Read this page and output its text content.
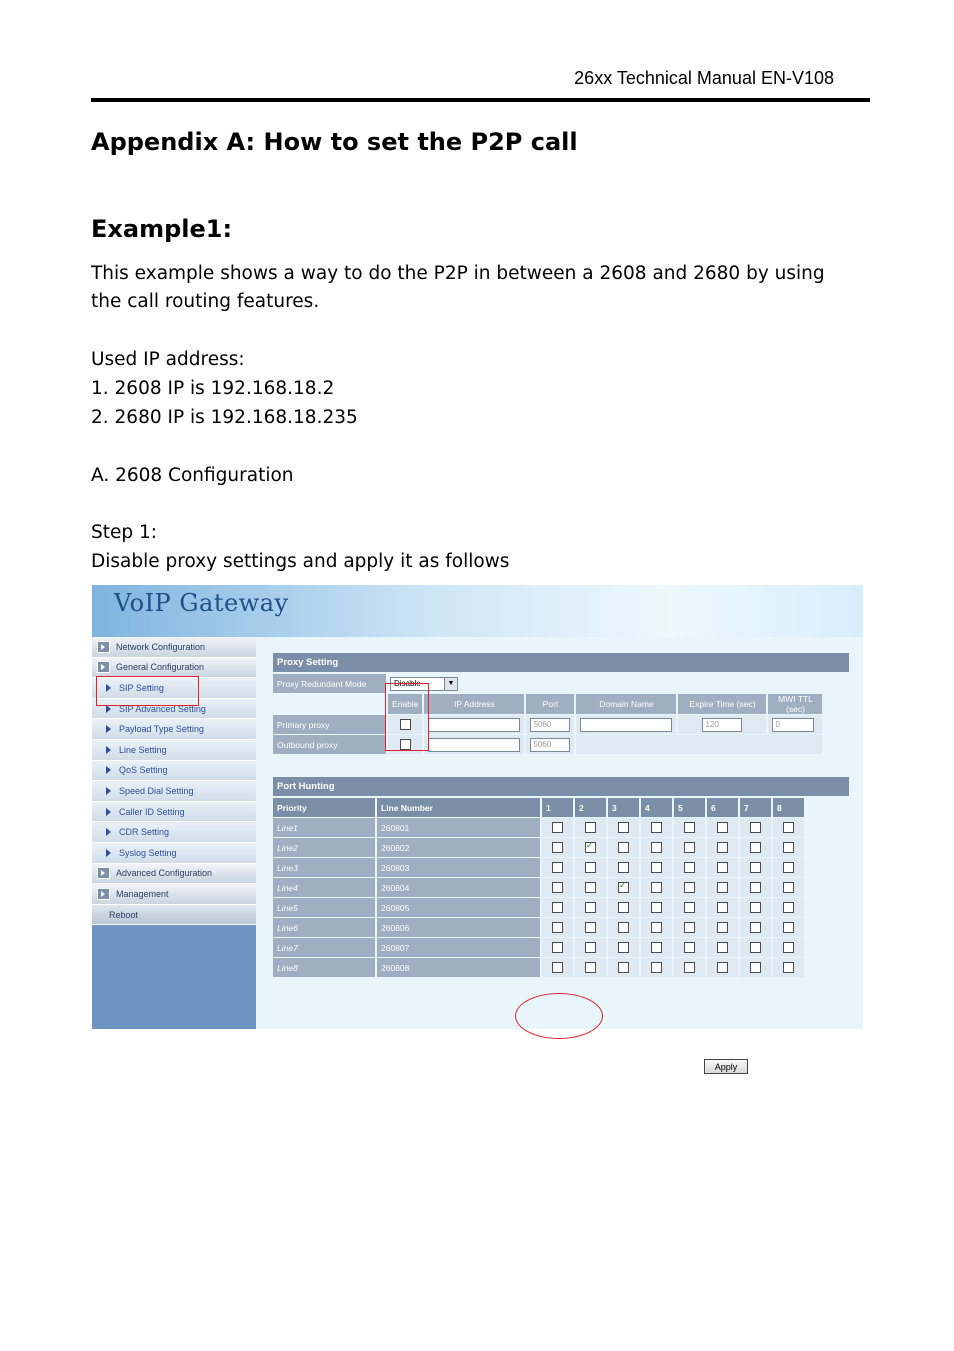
26xx Technical Manual EN-V108
Appendix A: How to set the P2P call
Example1:

This example shows a way to do the P2P in between a 2608 and 2680 by using

the call routing features.

Used IP address:

1. 2608 IP is 192.168.18.2

2. 2680 IP is 192.168.18.235

A. 2608 Configuration

Step 1:

Disable proxy settings and apply it as follows

VoIP Gateway
Network Configuration
General Configuration
SIP Setting
SIP Advanced Setting
Payload Type Setting
Line Setting
QoS Setting
Speed Dial Setting
Caller ID Setting
CDR Setting
Syslog Setting
Advanced Configuration
Management
Reboot
Proxy Setting
Proxy Redundant Mode	Disable ▼					

	Enable	IP Address	Port	Domain Name	Expire Time (sec)	MWI TTL (sec)
Primary proxy			5060		120	0
Outbound proxy			5060			
Port Hunting
Priority	Line Number	1	2	3	4	5	6	7	8
Line1	260801								
Line2	260802		✓						
Line3	260803								
Line4	260804			✓					
Line5	260805								
Line6	260806								
Line7	260807								
Line8	260808								
Apply
